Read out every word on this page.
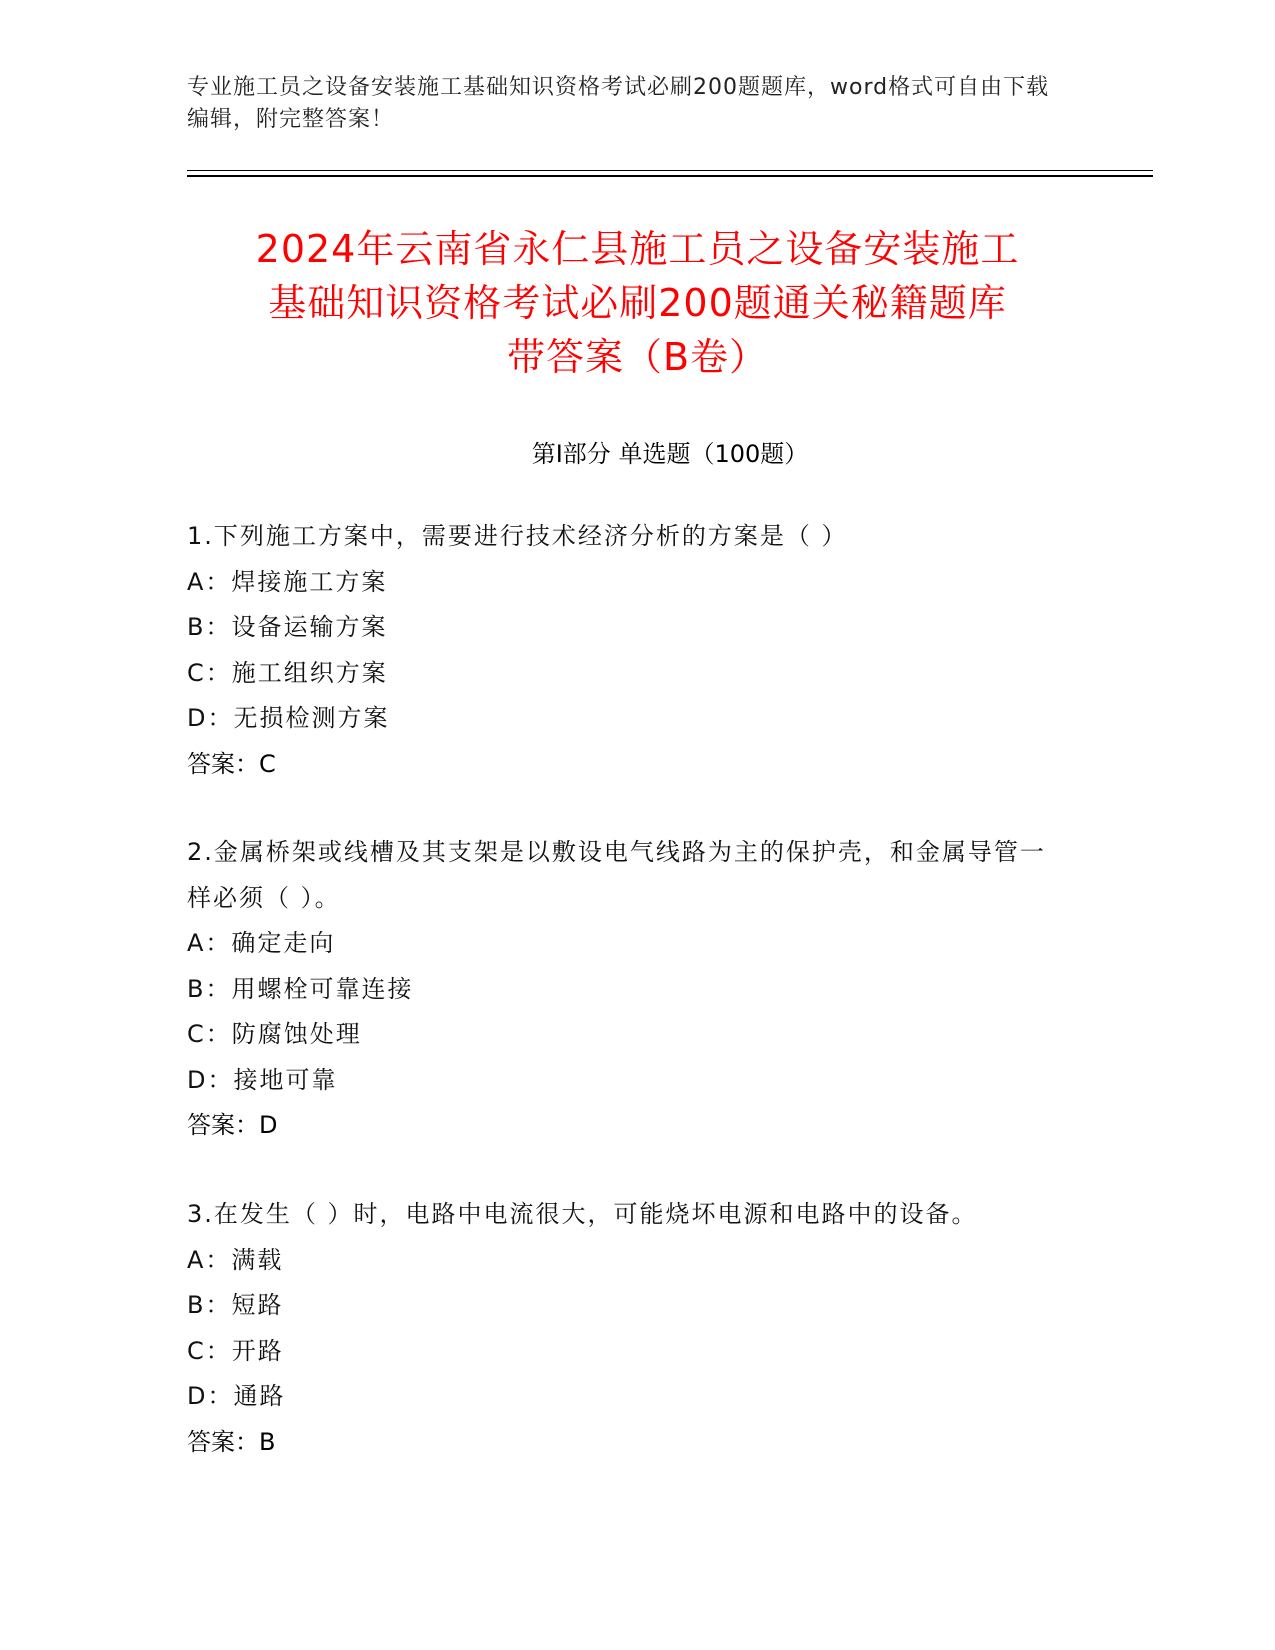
专业施工员之设备安装施工基础知识资格考试必刷200题题库，word格式可自由下载编辑，附完整答案！
2024年云南省永仁县施工员之设备安装施工
基础知识资格考试必刷200题通关秘籍题库
带答案（B卷）
第I部分 单选题（100题）
1.下列施工方案中，需要进行技术经济分析的方案是（ ）
A：焊接施工方案
B：设备运输方案
C：施工组织方案
D：无损检测方案
答案：C
2.金属桥架或线槽及其支架是以敷设电气线路为主的保护壳，和金属导管一样必须（ ）。
A：确定走向
B：用螺栓可靠连接
C：防腐蚀处理
D：接地可靠
答案：D
3.在发生（ ）时，电路中电流很大，可能烧坏电源和电路中的设备。
A：满载
B：短路
C：开路
D：通路
答案：B
